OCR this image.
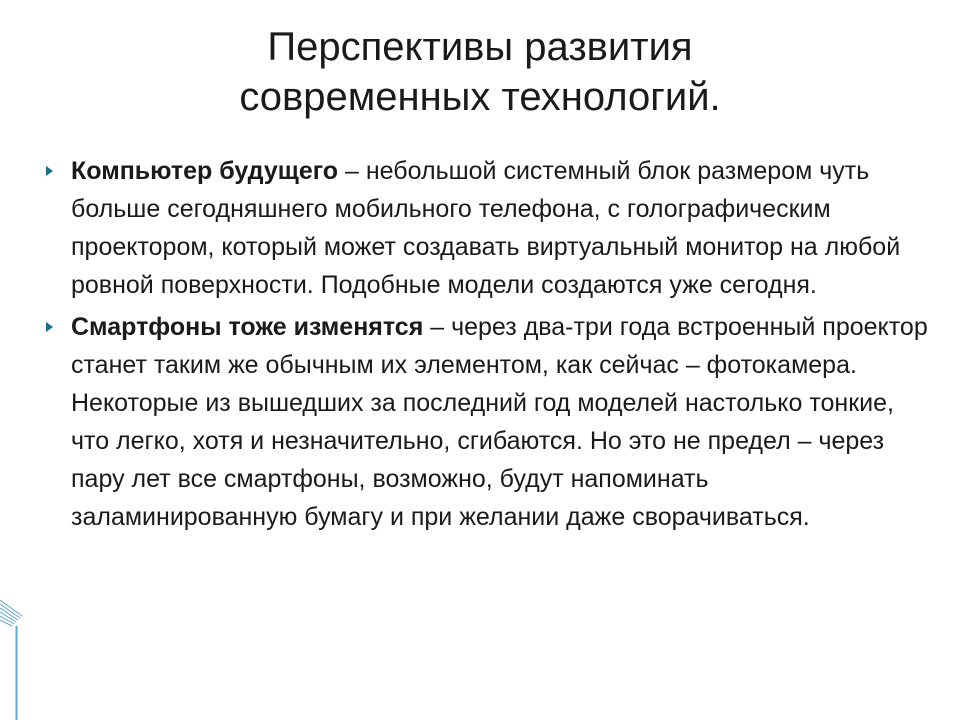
Перспективы развития
современных технологий.
Компьютер будущего – небольшой системный блок размером чуть больше сегодняшнего мобильного телефона, с голографическим проектором, который может создавать виртуальный монитор на любой ровной поверхности. Подобные модели создаются уже сегодня.
Смартфоны тоже изменятся – через два-три года встроенный проектор станет таким же обычным их элементом, как сейчас – фотокамера. Некоторые из вышедших за последний год моделей настолько тонкие, что легко, хотя и незначительно, сгибаются. Но это не предел – через пару лет все смартфоны, возможно, будут напоминать заламинированную бумагу и при желании даже сворачиваться.
